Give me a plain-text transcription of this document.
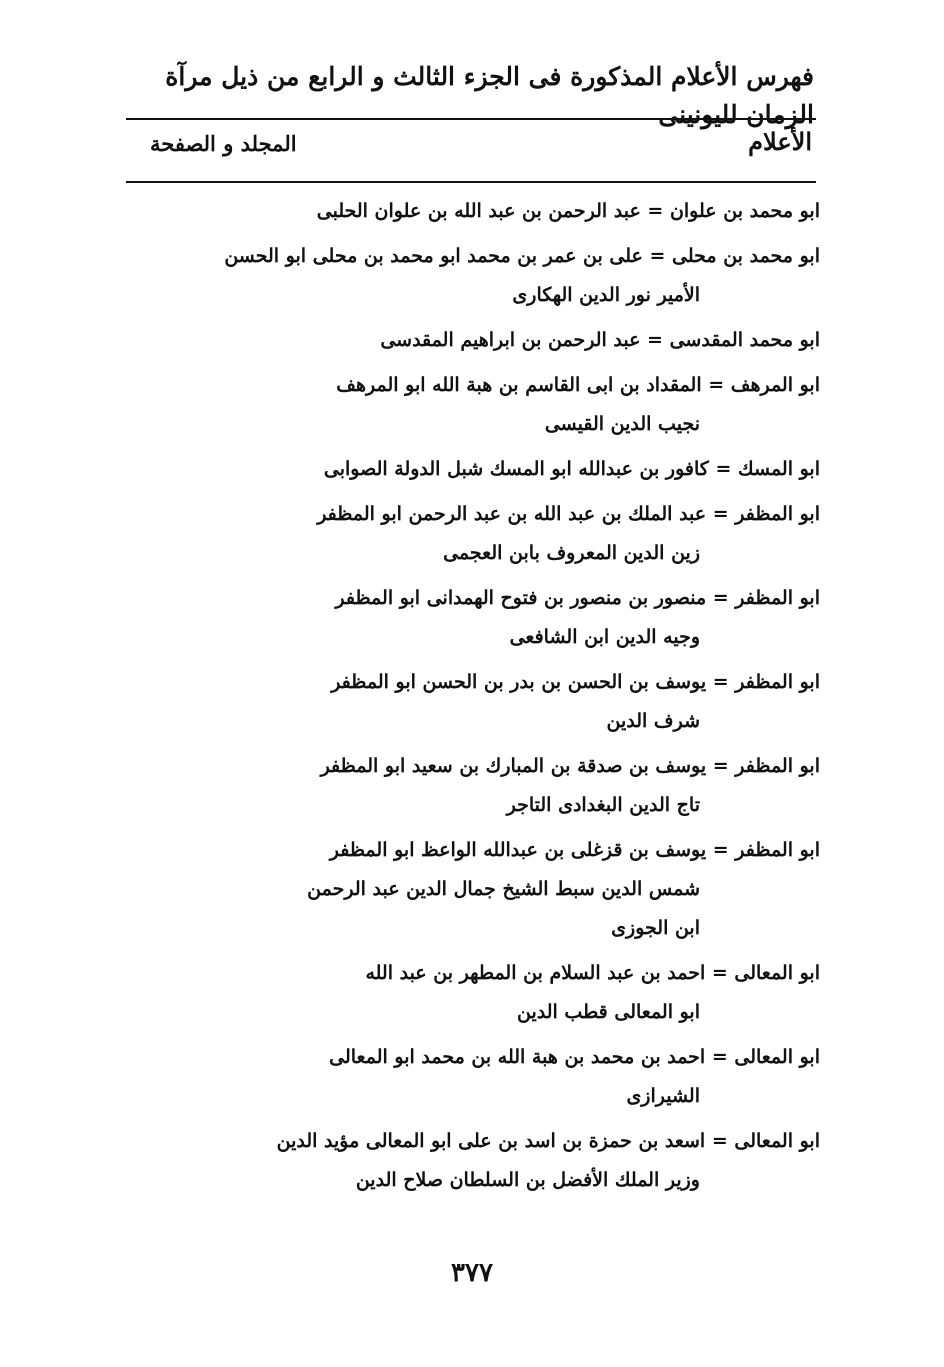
فهرس الأعلام المذكورة فى الجزء الثالث و الرابع من ذيل مرآة الزمان لليونينى
الأعلام
المجلد و الصفحة
ابو محمد بن علوان = عبد الرحمن بن عبد الله بن علوان الحلبى
ابو محمد بن محلى = على بن عمر بن محمد ابو محمد بن محلى ابو الحسن
الأمير نور الدين الهكارى
ابو محمد المقدسى = عبد الرحمن بن ابراهيم المقدسى
ابو المرهف = المقداد بن ابى القاسم بن هبة الله ابو المرهف
نجيب الدين القيسى
ابو المسك = كافور بن عبدالله ابو المسك شبل الدولة الصوابى
ابو المظفر = عبد الملك بن عبد الله بن عبد الرحمن ابو المظفر
زين الدين المعروف بابن العجمى
ابو المظفر = منصور بن منصور بن فتوح الهمدانى ابو المظفر
وجيه الدين ابن الشافعى
ابو المظفر = يوسف بن الحسن بن بدر بن الحسن ابو المظفر
شرف الدين
ابو المظفر = يوسف بن صدقة بن المبارك بن سعيد ابو المظفر
تاج الدين البغدادى التاجر
ابو المظفر = يوسف بن قزغلى بن عبدالله الواعظ ابو المظفر
شمس الدين سبط الشيخ جمال الدين عبد الرحمن
ابن الجوزى
ابو المعالى = احمد بن عبد السلام بن المطهر بن عبد الله
ابو المعالى قطب الدين
ابو المعالى = احمد بن محمد بن هبة الله بن محمد ابو المعالى
الشيرازى
ابو المعالى = اسعد بن حمزة بن اسد بن على ابو المعالى مؤيد الدين
وزير الملك الأفضل بن السلطان صلاح الدين
٣٧٧
